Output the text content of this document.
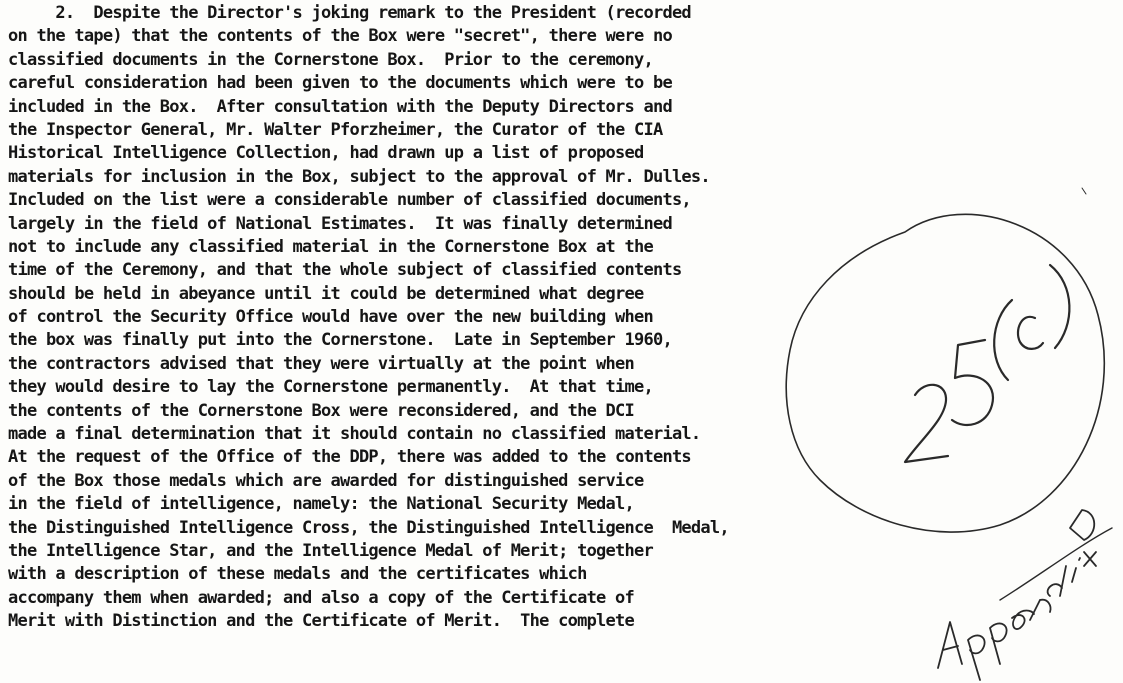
2.  Despite the Director's joking remark to the President (recorded
on the tape) that the contents of the Box were "secret", there were no
classified documents in the Cornerstone Box.  Prior to the ceremony,
careful consideration had been given to the documents which were to be
included in the Box.  After consultation with the Deputy Directors and
the Inspector General, Mr. Walter Pforzheimer, the Curator of the CIA
Historical Intelligence Collection, had drawn up a list of proposed
materials for inclusion in the Box, subject to the approval of Mr. Dulles.
Included on the list were a considerable number of classified documents,
largely in the field of National Estimates.  It was finally determined
not to include any classified material in the Cornerstone Box at the
time of the Ceremony, and that the whole subject of classified contents
should be held in abeyance until it could be determined what degree
of control the Security Office would have over the new building when
the box was finally put into the Cornerstone.  Late in September 1960,
the contractors advised that they were virtually at the point when
they would desire to lay the Cornerstone permanently.  At that time,
the contents of the Cornerstone Box were reconsidered, and the DCI
made a final determination that it should contain no classified material.
At the request of the Office of the DDP, there was added to the contents
of the Box those medals which are awarded for distinguished service
in the field of intelligence, namely: the National Security Medal,
the Distinguished Intelligence Cross, the Distinguished Intelligence  Medal,
the Intelligence Star, and the Intelligence Medal of Merit; together
with a description of these medals and the certificates which
accompany them when awarded; and also a copy of the Certificate of
Merit with Distinction and the Certificate of Merit.  The complete
